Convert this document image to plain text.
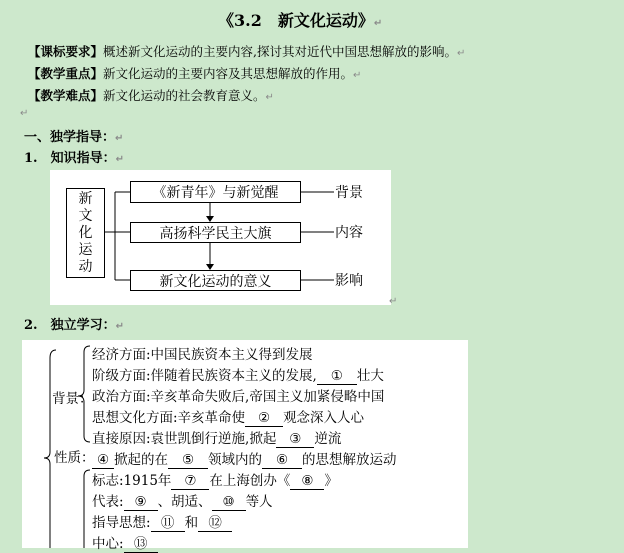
《3.2　新文化运动》↵
【课标要求】概述新文化运动的主要内容,探讨其对近代中国思想解放的影响。↵
【教学重点】新文化运动的主要内容及其思想解放的作用。↵
【教学难点】新文化运动的社会教育意义。↵
↵
一、独学指导：↵
1.　知识指导：↵
新
文
化
运
动
《新青年》与新觉醒
高扬科学民主大旗
新文化运动的意义
背景
内容
影响
↵
2.　独立学习：↵
背景：
性质：
经济方面:中国民族资本主义得到发展
阶级方面:伴随着民族资本主义的发展, ① 壮大
政治方面:辛亥革命失败后,帝国主义加紧侵略中国
思想文化方面:辛亥革命使 ② 观念深入人心
直接原因:袁世凯倒行逆施,掀起 ③ 逆流
④ 掀起的在 ⑤ 领域内的 ⑥ 的思想解放运动
标志:1915年 ⑦ 在上海创办《 ⑧ 》
代表: ⑨ 、胡适、 ⑩ 等人
指导思想: ⑪ 和 ⑫
中心: ⑬
